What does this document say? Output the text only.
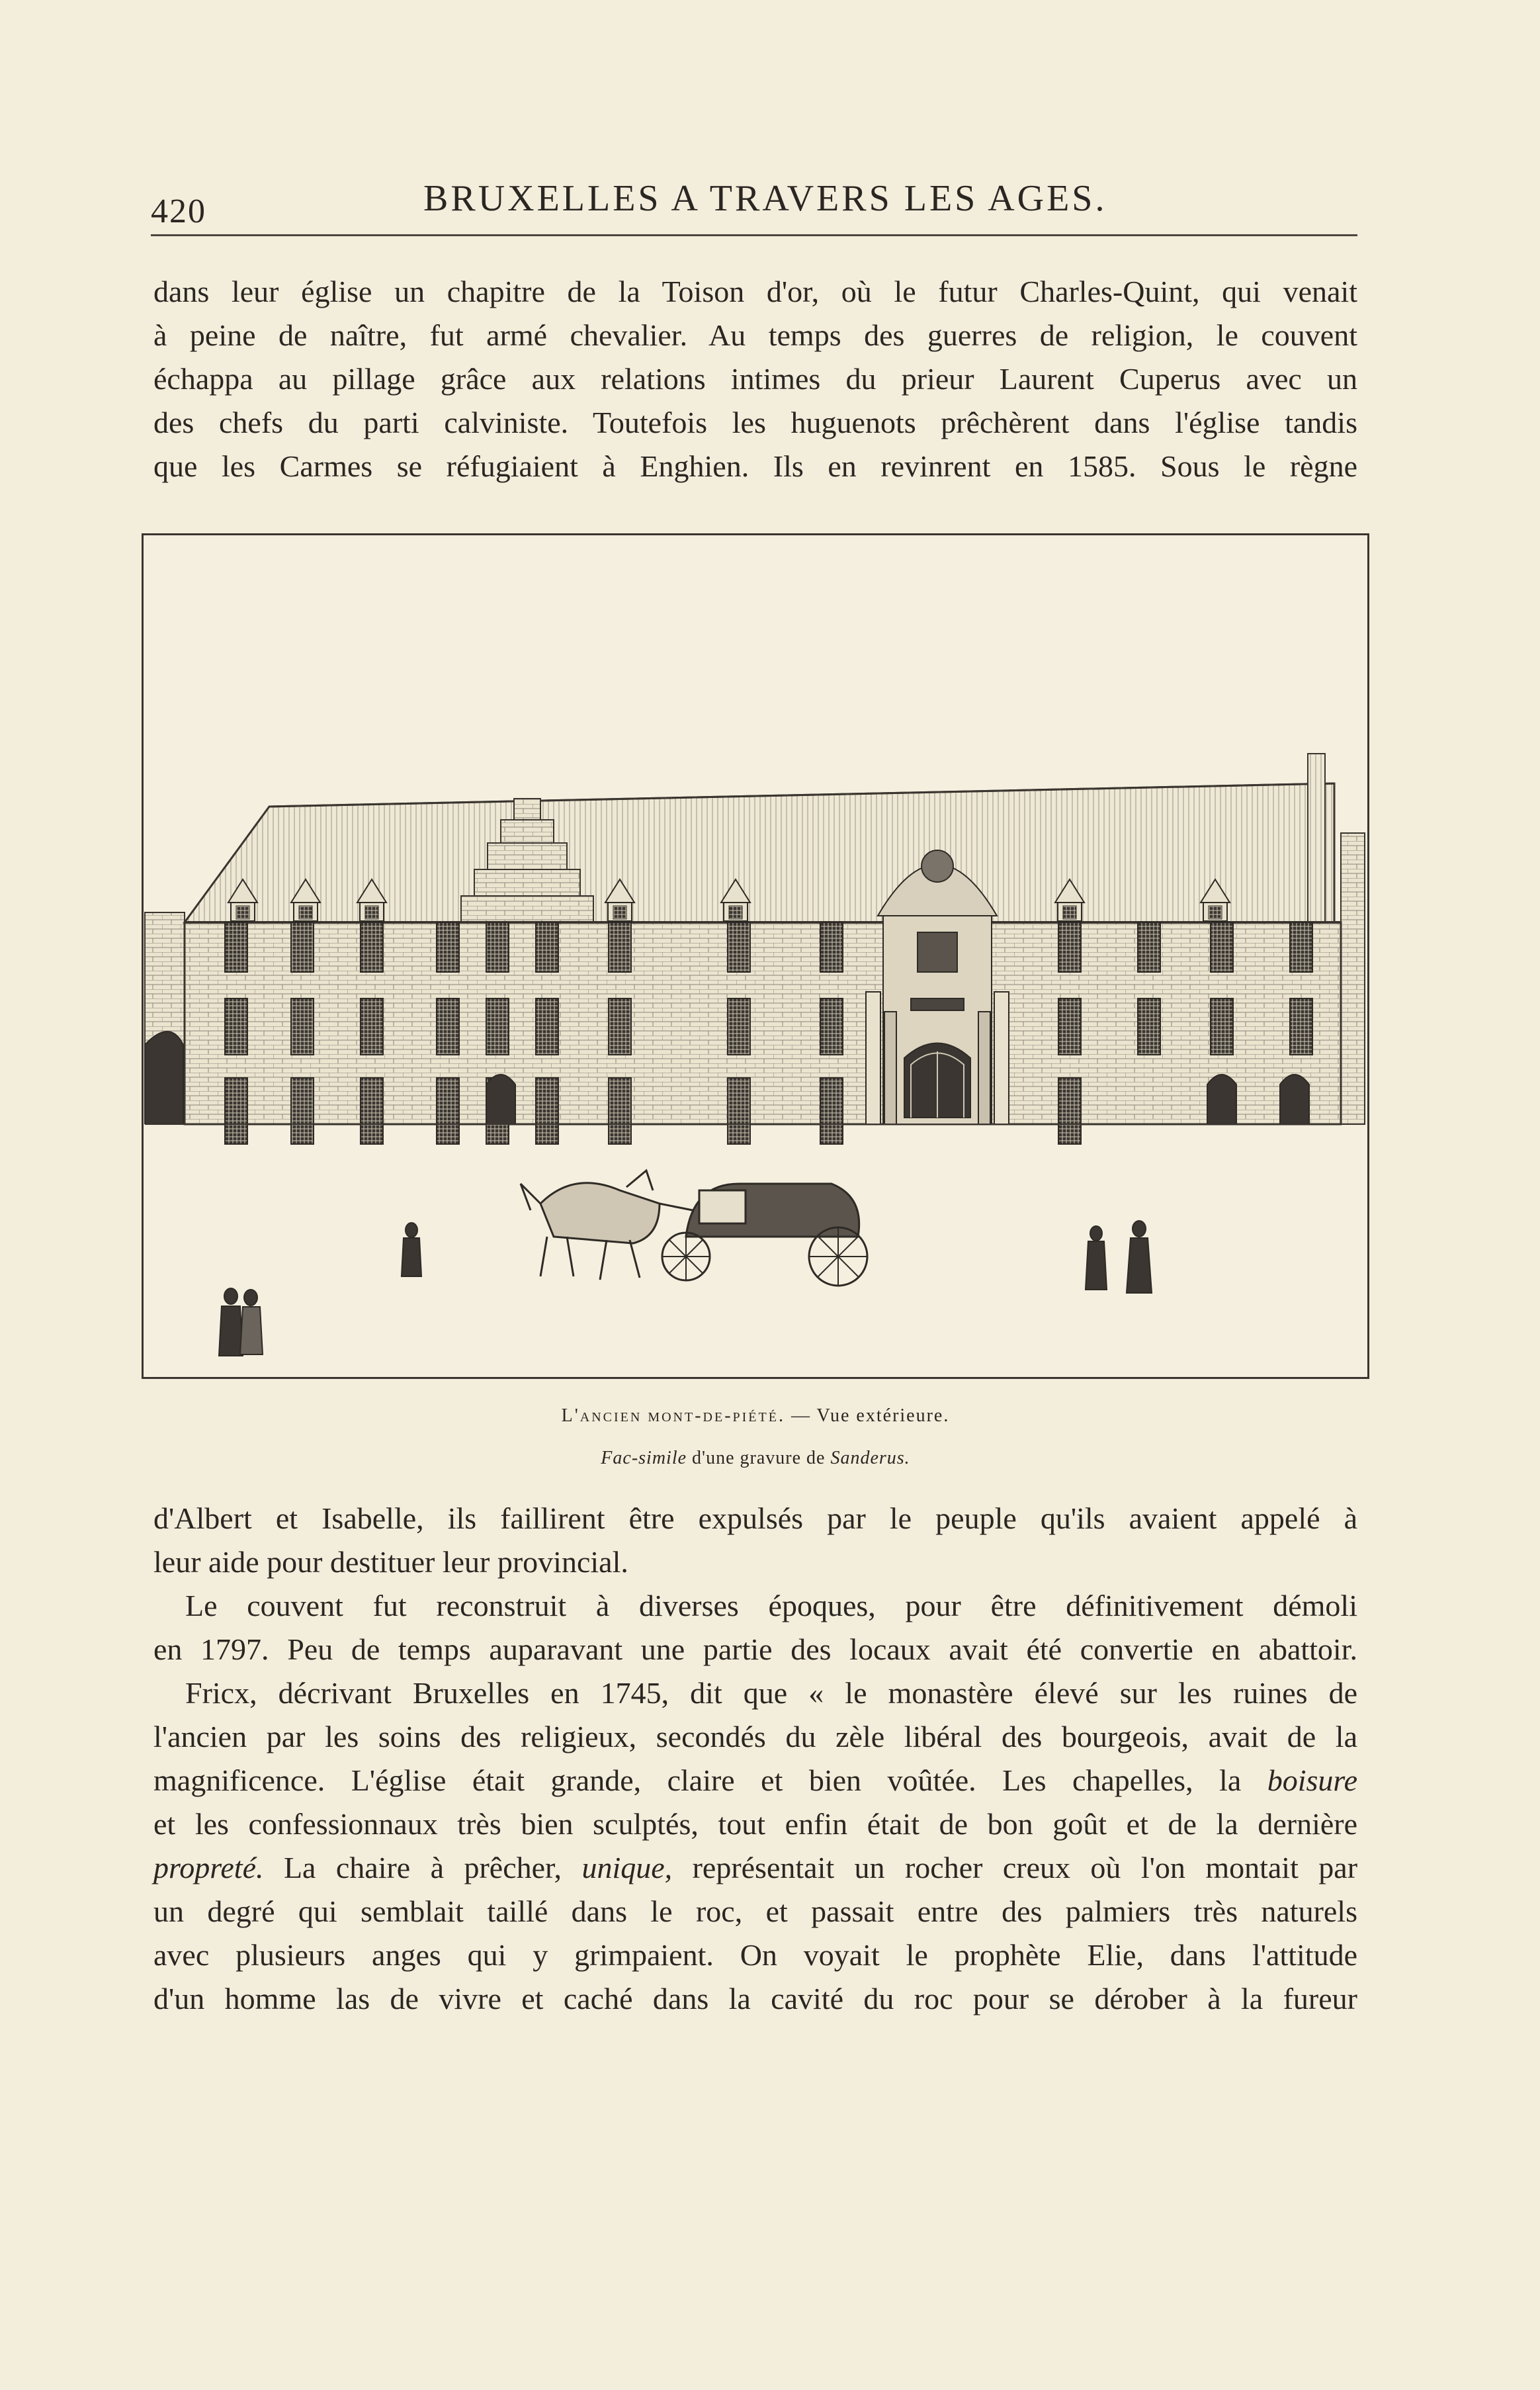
420	BRUXELLES A TRAVERS LES AGES.
dans leur église un chapitre de la Toison d'or, où le futur Charles-Quint, qui venait
à peine de naître, fut armé chevalier. Au temps des guerres de religion, le couvent
échappa au pillage grâce aux relations intimes du prieur Laurent Cuperus avec un
des chefs du parti calviniste. Toutefois les huguenots prêchèrent dans l'église tandis
que les Carmes se réfugiaient à Enghien. Ils en revinrent en 1585. Sous le règne
L'ancien mont-de-piété. — Vue extérieure.
Fac-simile d'une gravure de Sanderus.
d'Albert et Isabelle, ils faillirent être expulsés par le peuple qu'ils avaient appelé à
leur aide pour destituer leur provincial.
Le couvent fut reconstruit à diverses époques, pour être définitivement démoli
en 1797. Peu de temps auparavant une partie des locaux avait été convertie en abattoir.
Fricx, décrivant Bruxelles en 1745, dit que « le monastère élevé sur les ruines de
l'ancien par les soins des religieux, secondés du zèle libéral des bourgeois, avait de la
magnificence. L'église était grande, claire et bien voûtée. Les chapelles, la boisure
et les confessionnaux très bien sculptés, tout enfin était de bon goût et de la dernière
propreté. La chaire à prêcher, unique, représentait un rocher creux où l'on montait par
un degré qui semblait taillé dans le roc, et passait entre des palmiers très naturels
avec plusieurs anges qui y grimpaient. On voyait le prophète Elie, dans l'attitude
d'un homme las de vivre et caché dans la cavité du roc pour se dérober à la fureur
